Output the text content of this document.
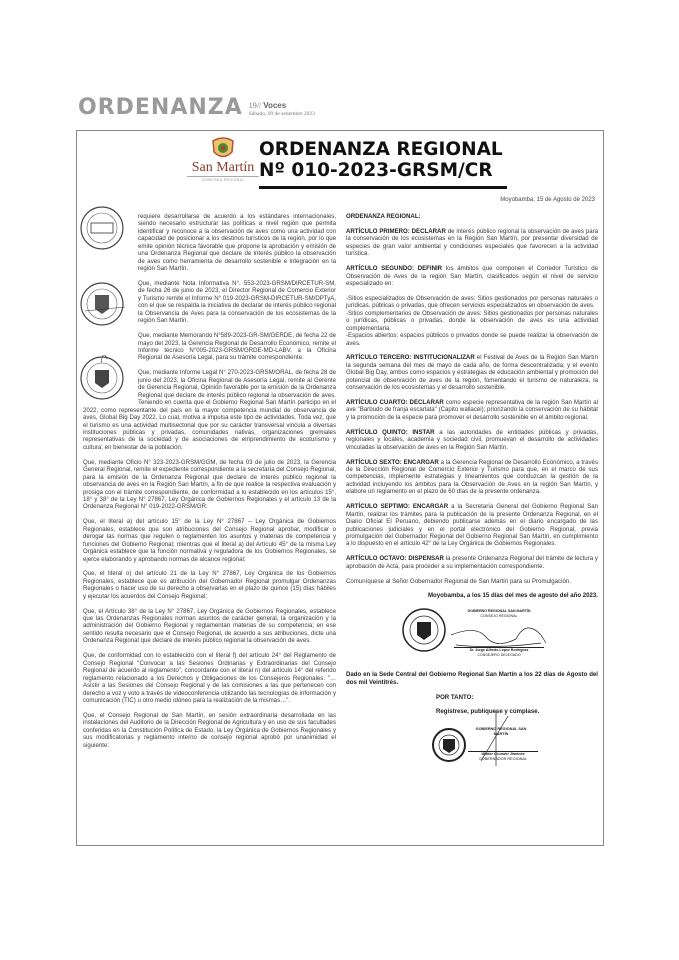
ORDENANZA 19// Voces
Sábado, 09 de setiembre 2023
San Martín
GOBIERNO REGIONAL
ORDENANZA REGIONAL
Nº 010-2023-GRSM/CR
Moyobamba, 15 de Agosto de 2023

requiere desarrollarse de acuerdo a los estándares internacionales, siendo necesario estructurar las políticas a nivel región que permita identificar y reconoce a la observación de aves como una actividad con capacidad de posicionar a los destinos turísticos de la región, por lo que emite opinión técnica favorable que propone la aprobación y emisión de una Ordenanza Regional que declare de interés público la observación de aves como herramienta de desarrollo sostenible e integración en la región San Martín.

Que, mediante Nota Informativa N°. 553-2023-GRSM/DIRCETUR-SM, de fecha 26 de junio de 2023, el Director Regional de Comercio Exterior y Turismo remite el Informe N° 019-2023-GRSM-DIRCETUR-SM/DPTyA, con el que se respalda la iniciativa de declarar de interés público regional la Observancia de Aves para la conservación de los ecosistemas de la región San Martín.

Que, mediante Memorando N°589-2023-GR-SM/GERDE, de fecha 22 de mayo del 2023, la Gerencia Regional de Desarrollo Económico, remite el Informe técnico N°005-2023-GRSM/GRDE-MD-LABV, a la Oficina Regional de Asesoría Legal, para su trámite correspondiente.

Que, mediante Informe Legal N° 270-2023-GRSM/ORAL, de fecha 28 de junio del 2023, la Oficina Regional de Asesoría Legal, remite al Gerente de Gerencia Regional, Opinión favorable por la emisión de la Ordenanza Regional que declare de interés público regional la observación de aves. Teniendo en cuenta que el Gobierno Regional San Martín participo en el 2022, como representante del país en la mayor competencia mundial de observancia de aves, Global Big Day 2022. Lo cual, motiva a impulsa este tipo de actividades. Toda vez, que el turismo es una actividad multisectorial que por su carácter transversal vincula a diversas instituciones públicas y privadas, comunidades nativas, organizaciones gremiales representativas de la sociedad y de asociaciones de emprendimiento de ecoturismo y cultura; en bienestar de la población.

Que, mediante Oficio N° 323-2023-GRSM/GGM, de fecha 03 de julio de 2023, la Gerencia General Regional, remite el expediente correspondiente a la secretaría del Consejo Regional, para la emisión de la Ordenanza Regional que declare de interés público regional la observancia de aves en la Región San Martín, a fin de que realice la respectiva evaluación y prosiga con el trámite correspondiente, de conformidad a lo establecido en los artículos 15°, 18° y 38° de la Ley N° 27867, Ley Orgánica de Gobiernos Regionales y el artículo 13 de la Ordenanza Regional N° 019-2022-GRSM/GR.

Que, el literal a) del artículo 15° de la Ley N° 27867 – Ley Orgánica de Gobiernos Regionales, establece que son atribuciones del Consejo Regional aprobar, modificar o derogar las normas que regulen o reglamenten los asuntos y materias de competencia y funciones del Gobierno Regional; mientras que el literal a) del Artículo 45° de la misma Ley Orgánica establece que la función normativa y reguladora de los Gobiernos Regionales, se ejerce elaborando y aprobando normas de alcance regional;

Que, el literal o) del artículo 21 de la Ley N° 27867, Ley Orgánica de los Gobiernos Regionales, establece que es atribución del Gobernador Regional promulgar Ordenanzas Regionales o hacer uso de su derecho a observarlas en el plazo de quince (15) días hábiles y ejecutar los acuerdos del Consejo Regional;

Que, el Artículo 38° de la Ley N° 27867, Ley Orgánica de Gobiernos Regionales, establece que las Ordenanzas Regionales norman asuntos de carácter general, la organización y la administración del Gobierno Regional y reglamentan materias de su competencia; en ese sentido resulta necesario que el Consejo Regional, de acuerdo a sus atribuciones, dicte una Ordenanza Regional que declare de interés público regional la observación de aves.

Que, de conformidad con lo establecido con el literal f) del artículo 24° del Reglamento de Consejo Regional "Convocar a las Sesiones Ordinarias y Extraordinarias del Consejo Regional de acuerdo al reglamento", concordante con el literal n) del artículo 14° del referido reglamento relacionado a los Derechos y Obligaciones de los Consejeros Regionales: "…Asistir a las Sesiones del Consejo Regional y de las comisiones a las que pertenecen con derecho a voz y voto a través de videoconferencia utilizando las tecnologías de información y comunicación (TIC) u otro medio idóneo para la realización de la mismas…".

Que, el Consejo Regional de San Martín, en sesión extraordinaria desarrollada en las instalaciones del Auditorio de la Dirección Regional de Agricultura y en uso de sus facultades conferidas en la Constitución Política de Estado, la Ley Orgánica de Gobiernos Regionales y sus modificatorias y reglamento interno de consejo regional aprobó por unanimidad el siguiente:

ORDENANZA REGIONAL:

ARTÍCULO PRIMERO: DECLARAR de interés público regional la observación de aves para la conservación de los ecosistemas en la Región San Martín, por presentar diversidad de especies de gran valor ambiental y condiciones especiales que favorecen a la actividad turística.

ARTÍCULO SEGUNDO: DEFINIR los ámbitos que componen el Corredor Turístico de Observación de Aves de la región San Martín, clasificados según el nivel de servicio especializado en:

-Sitios especializados de Observación de aves: Sitios gestionados por personas naturales o jurídicas, públicas o privadas, que ofrecen servicios especializados en observación de aves.
-Sitios complementarios de Observación de aves: Sitios gestionados por personas naturales o jurídicas, públicas o privadas, donde la observación de aves es una actividad complementaria.
-Espacios abiertos: espacios públicos o privados donde se puede realizar la observación de aves.

ARTÍCULO TERCERO: INSTITUCIONALIZAR el Festival de Aves de la Región San Martín la segunda semana del mes de mayo de cada año, de forma descentralizada; y el evento Global Big Day, ambos como espacios y estrategias de educación ambiental y promoción del potencial de observación de aves de la región, fomentando el turismo de naturaleza, la conservación de los ecosistemas y el desarrollo sostenible.

ARTÍCULO CUARTO: DECLARAR como especie representativa de la región San Martín al ave "Barbudo de franja escarlata" (Capito wallacei); priorizando la conservación de su hábitat y la promoción de la especie para promover el desarrollo sostenible en el ámbito regional.

ARTÍCULO QUINTO: INSTAR a las autoridades de entidades públicas y privadas, regionales y locales, academia y sociedad civil, promuevan el desarrollo de actividades vinculadas la observación de aves en la Región San Martín.

ARTÍCULO SEXTO: ENCARGAR a la Gerencia Regional de Desarrollo Económico, a través de la Dirección Regional de Comercio Exterior y Turismo para que, en el marco de sus competencias, implemente estrategias y lineamientos que conduzcan la gestión de la actividad incluyendo los ámbitos para la Observación de Aves en la región San Martín, y elabore un reglamento en el plazo de 60 días de la presente ordenanza.

ARTÍCULO SEPTIMO: ENCARGAR a la Secretaría General del Gobierno Regional San Martín, realizar los trámites para la publicación de la presente Ordenanza Regional, en el Diario Oficial El Peruano, debiendo publicarse además en el diario encargado de las publicaciones judiciales y en el portal electrónico del Gobierno Regional, previa promulgación del Gobernador Regional del Gobierno Regional San Martín, en cumplimiento a lo dispuesto en el artículo 42° de la Ley Orgánica de Gobiernos Regionales.

ARTÍCULO OCTAVO: DISPENSAR la presente Ordenanza Regional del trámite de lectura y aprobación de Acta, para proceder a su implementación correspondiente.

Comuníquese al Señor Gobernador Regional de San Martín para su Promulgación.

Moyobamba, a los 15 días del mes de agosto del año 2023.

GOBIERNO REGIONAL SAN MARTÍN
CONSEJO REGIONAL
Sr. Jorge Alfredo López Rodríguez
CONSEJERO DELEGADO

Dado en la Sede Central del Gobierno Regional San Martín a los 22 días de Agosto del dos mil Veintitrés.

POR TANTO:

Regístrese, publíquese y cúmplase.

GOBIERNO REGIONAL SAN MARTÍN
Walter Grundel Jiménez
GOBERNADOR REGIONAL
